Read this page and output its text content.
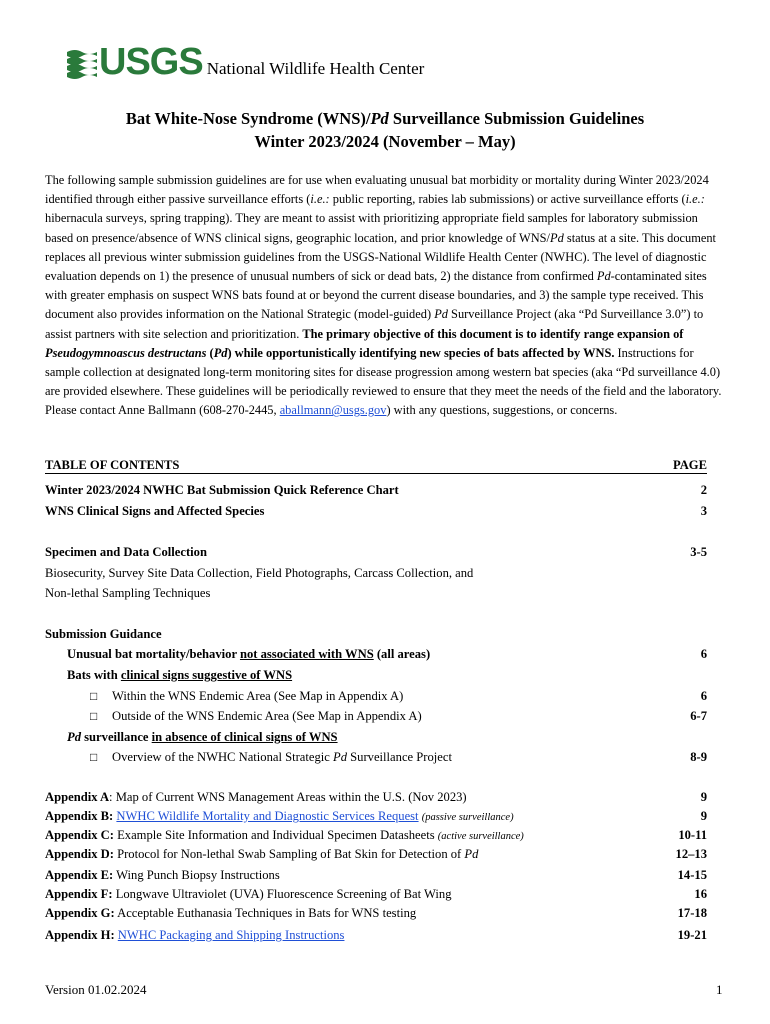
USGS National Wildlife Health Center
Bat White-Nose Syndrome (WNS)/Pd Surveillance Submission Guidelines
Winter 2023/2024 (November – May)
The following sample submission guidelines are for use when evaluating unusual bat morbidity or mortality during Winter 2023/2024 identified through either passive surveillance efforts (i.e.: public reporting, rabies lab submissions) or active surveillance efforts (i.e.: hibernacula surveys, spring trapping). They are meant to assist with prioritizing appropriate field samples for laboratory submission based on presence/absence of WNS clinical signs, geographic location, and prior knowledge of WNS/Pd status at a site. This document replaces all previous winter submission guidelines from the USGS-National Wildlife Health Center (NWHC). The level of diagnostic evaluation depends on 1) the presence of unusual numbers of sick or dead bats, 2) the distance from confirmed Pd-contaminated sites with greater emphasis on suspect WNS bats found at or beyond the current disease boundaries, and 3) the sample type received. This document also provides information on the National Strategic (model-guided) Pd Surveillance Project (aka “Pd Surveillance 3.0”) to assist partners with site selection and prioritization. The primary objective of this document is to identify range expansion of Pseudogymnoascus destructans (Pd) while opportunistically identifying new species of bats affected by WNS. Instructions for sample collection at designated long-term monitoring sites for disease progression among western bat species (aka “Pd surveillance 4.0) are provided elsewhere. These guidelines will be periodically reviewed to ensure that they meet the needs of the field and the laboratory. Please contact Anne Ballmann (608-270-2445, aballmann@usgs.gov) with any questions, suggestions, or concerns.
TABLE OF CONTENTS	PAGE
Winter 2023/2024 NWHC Bat Submission Quick Reference Chart	2
WNS Clinical Signs and Affected Species	3
Specimen and Data Collection	3-5
Biosecurity, Survey Site Data Collection, Field Photographs, Carcass Collection, and
Non-lethal Sampling Techniques
Submission Guidance
Unusual bat mortality/behavior not associated with WNS (all areas)	6
Bats with clinical signs suggestive of WNS
□ Within the WNS Endemic Area (See Map in Appendix A)	6
□ Outside of the WNS Endemic Area (See Map in Appendix A)	6-7
Pd surveillance in absence of clinical signs of WNS
□ Overview of the NWHC National Strategic Pd Surveillance Project	8-9
Appendix A: Map of Current WNS Management Areas within the U.S. (Nov 2023)	9
Appendix B: NWHC Wildlife Mortality and Diagnostic Services Request (passive surveillance)	9
Appendix C: Example Site Information and Individual Specimen Datasheets (active surveillance)	10-11
Appendix D: Protocol for Non-lethal Swab Sampling of Bat Skin for Detection of Pd	12–13
Appendix E: Wing Punch Biopsy Instructions	14-15
Appendix F: Longwave Ultraviolet (UVA) Fluorescence Screening of Bat Wing	16
Appendix G: Acceptable Euthanasia Techniques in Bats for WNS testing	17-18
Appendix H: NWHC Packaging and Shipping Instructions	19-21
Version 01.02.2024	1
